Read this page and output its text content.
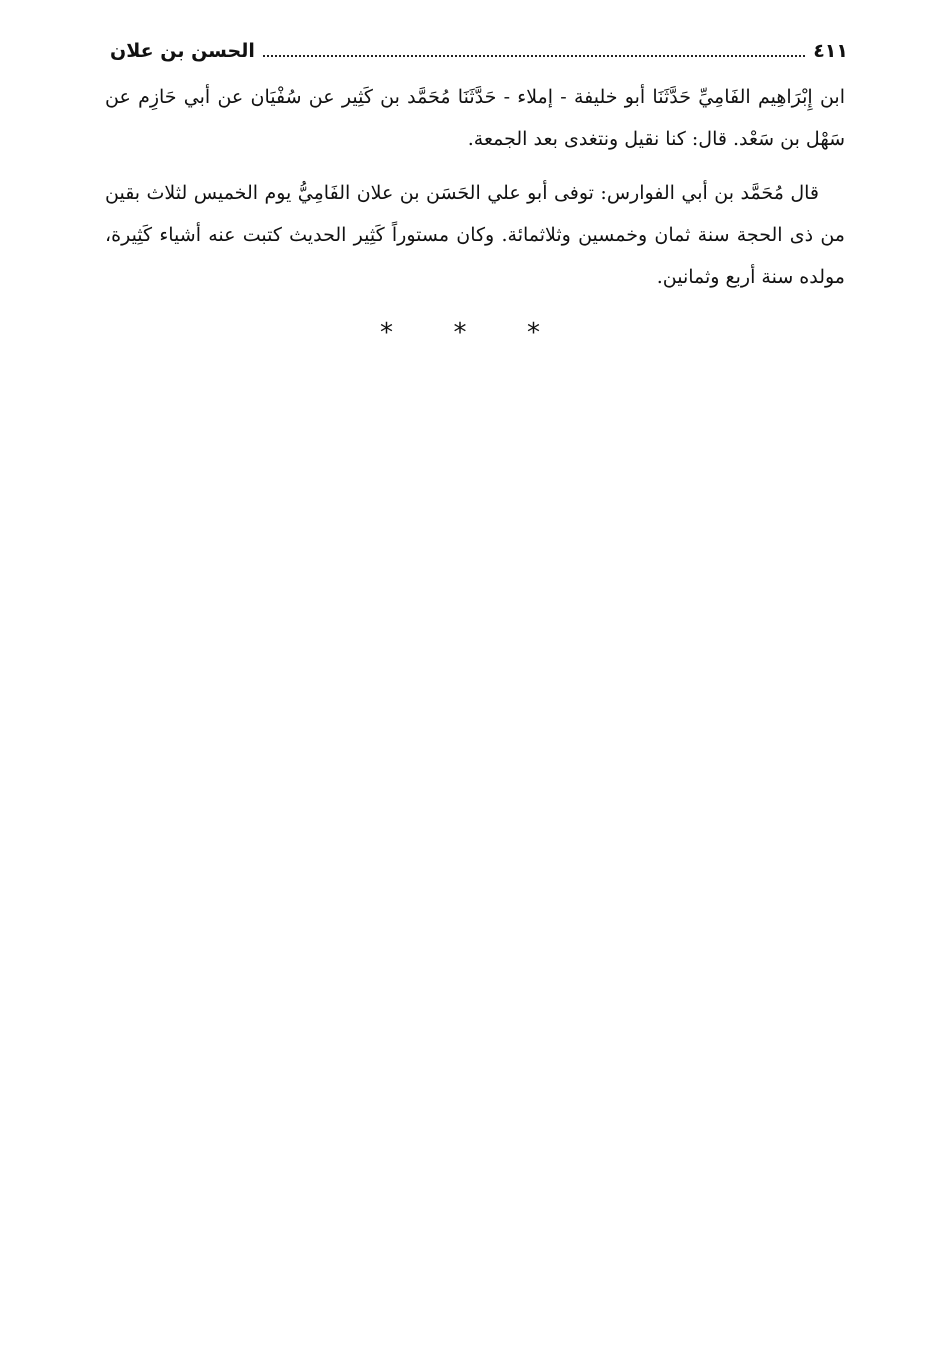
الحسن بن علان	٤١١

ابن إِبْرَاهِيم الفَامِيِّ حَدَّثَنَا أبو خليفة - إملاء - حَدَّثَنَا مُحَمَّد بن كَثِير عن سُفْيَان عن أبي حَازِم عن سَهْل بن سَعْد. قال: كنا نقيل ونتغدى بعد الجمعة.

قال مُحَمَّد بن أبي الفوارس: توفى أبو علي الحَسَن بن علان الفَامِيُّ يوم الخميس لثلاث بقين من ذى الحجة سنة ثمان وخمسين وثلاثمائة. وكان مستوراً كَثِير الحديث كتبت عنه أشياء كَثِيرة، مولده سنة أربع وثمانين.

* * *
